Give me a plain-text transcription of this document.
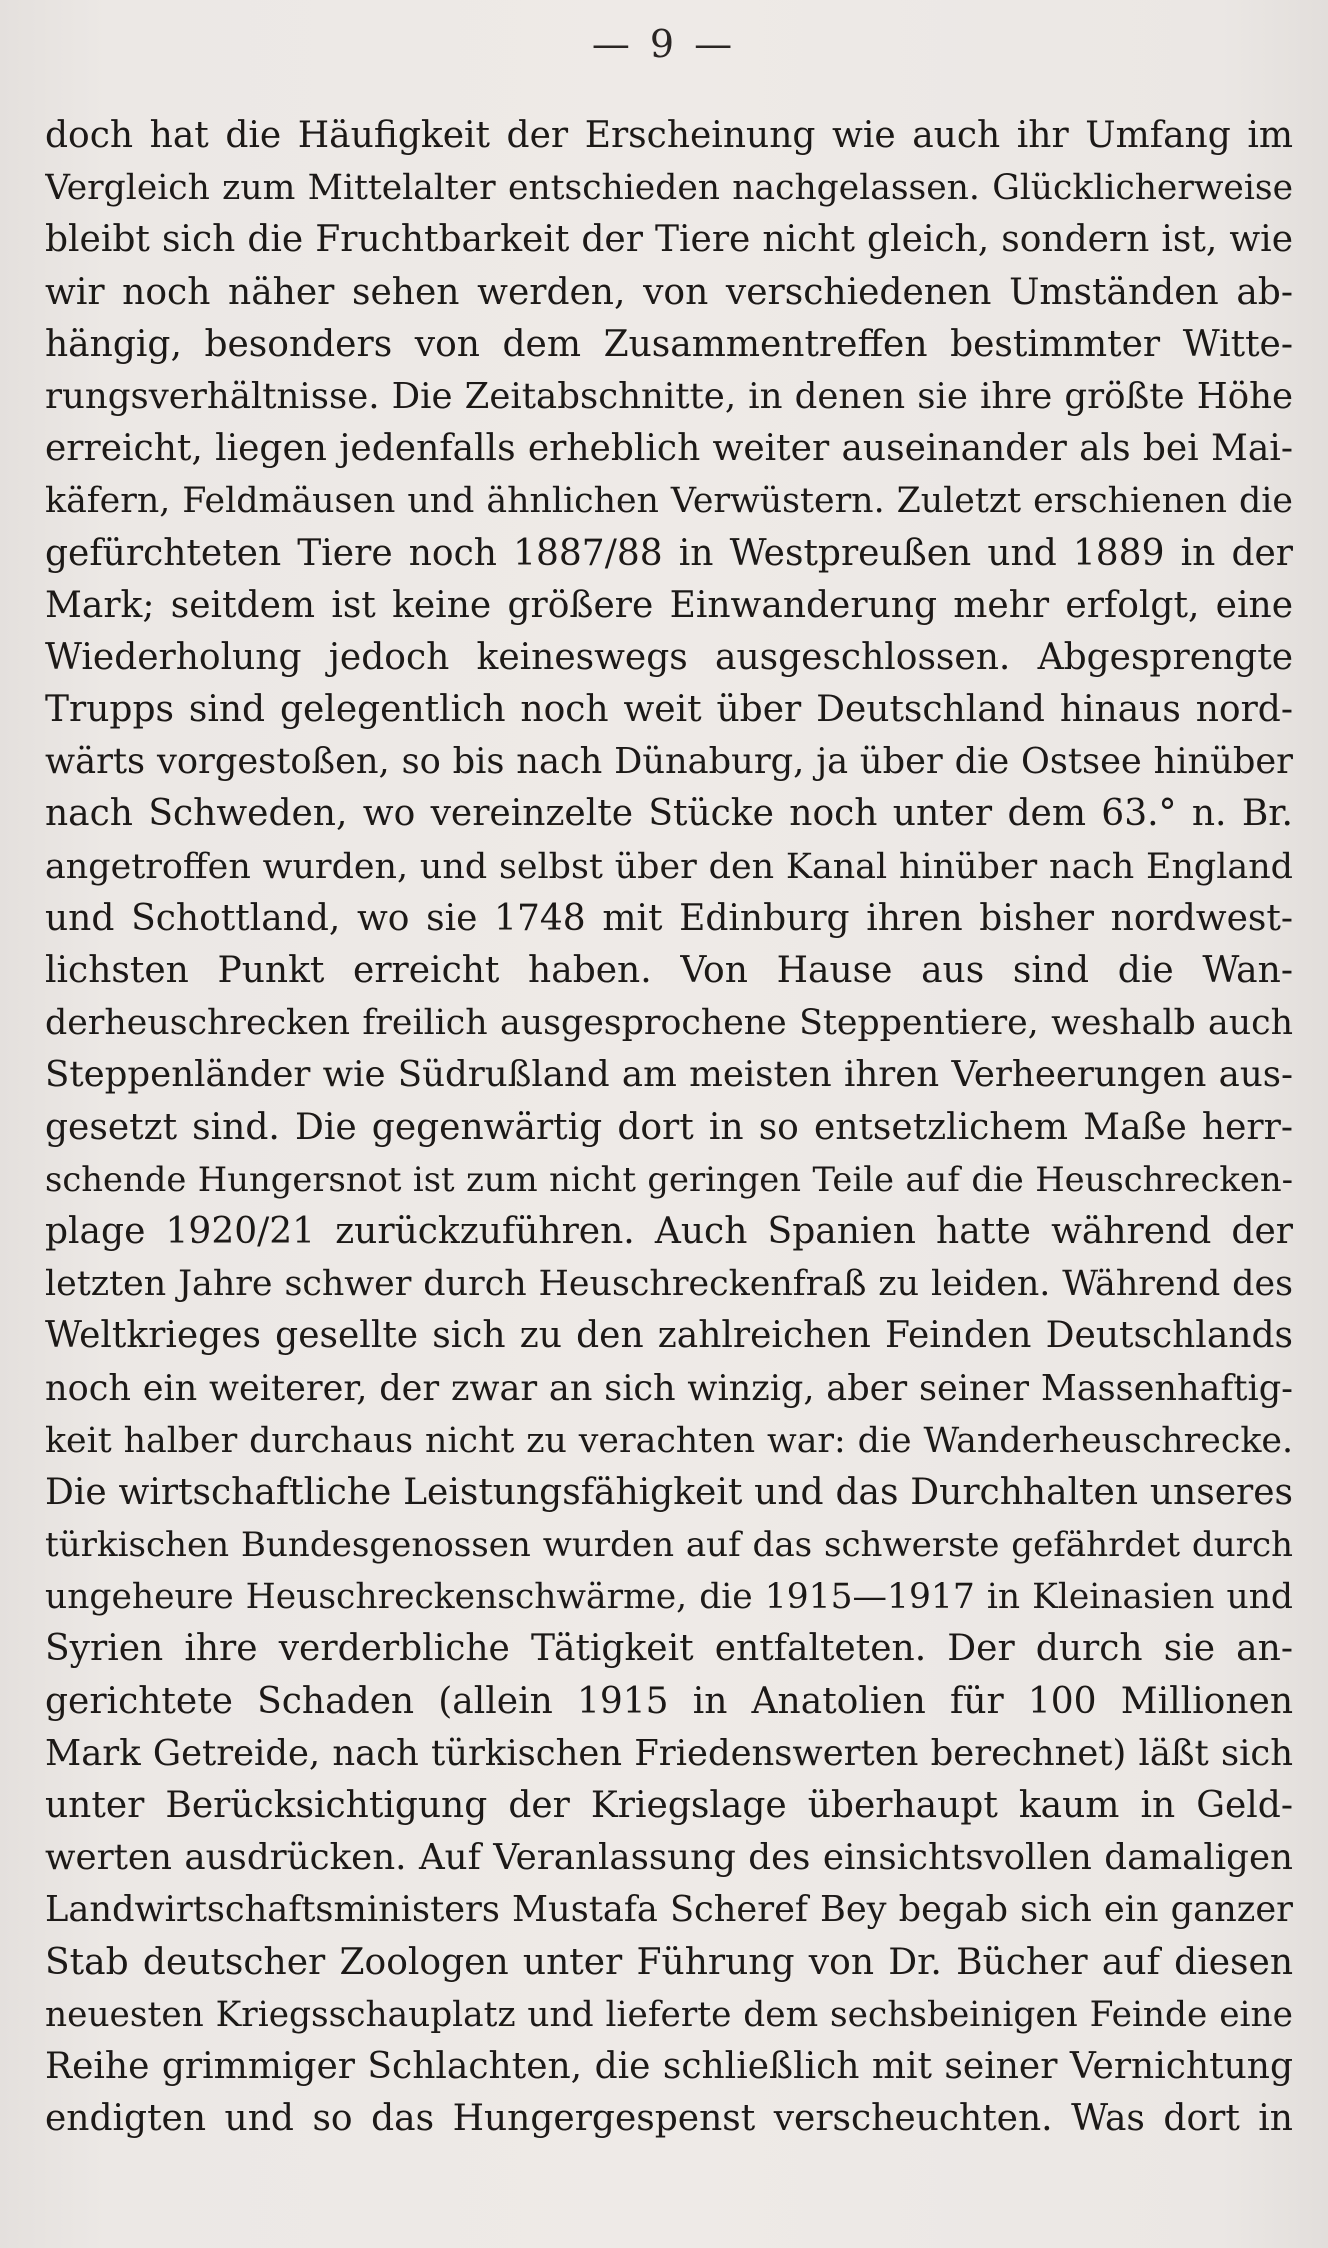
— 9 —
doch hat die Häufigkeit der Erscheinung wie auch ihr Umfang im
Vergleich zum Mittelalter entschieden nachgelassen. Glücklicherweise
bleibt sich die Fruchtbarkeit der Tiere nicht gleich, sondern ist, wie
wir noch näher sehen werden, von verschiedenen Umständen ab-
hängig, besonders von dem Zusammentreffen bestimmter Witte-
rungsverhältnisse. Die Zeitabschnitte, in denen sie ihre größte Höhe
erreicht, liegen jedenfalls erheblich weiter auseinander als bei Mai-
käfern, Feldmäusen und ähnlichen Verwüstern. Zuletzt erschienen die
gefürchteten Tiere noch 1887/88 in Westpreußen und 1889 in der
Mark; seitdem ist keine größere Einwanderung mehr erfolgt, eine
Wiederholung jedoch keineswegs ausgeschlossen. Abgesprengte
Trupps sind gelegentlich noch weit über Deutschland hinaus nord-
wärts vorgestoßen, so bis nach Dünaburg, ja über die Ostsee hinüber
nach Schweden, wo vereinzelte Stücke noch unter dem 63.° n. Br.
angetroffen wurden, und selbst über den Kanal hinüber nach England
und Schottland, wo sie 1748 mit Edinburg ihren bisher nordwest-
lichsten Punkt erreicht haben. Von Hause aus sind die Wan-
derheuschrecken freilich ausgesprochene Steppentiere, weshalb auch
Steppenländer wie Südrußland am meisten ihren Verheerungen aus-
gesetzt sind. Die gegenwärtig dort in so entsetzlichem Maße herr-
schende Hungersnot ist zum nicht geringen Teile auf die Heuschrecken-
plage 1920/21 zurückzuführen. Auch Spanien hatte während der
letzten Jahre schwer durch Heuschreckenfraß zu leiden. Während des
Weltkrieges gesellte sich zu den zahlreichen Feinden Deutschlands
noch ein weiterer, der zwar an sich winzig, aber seiner Massenhaftig-
keit halber durchaus nicht zu verachten war: die Wanderheuschrecke.
Die wirtschaftliche Leistungsfähigkeit und das Durchhalten unseres
türkischen Bundesgenossen wurden auf das schwerste gefährdet durch
ungeheure Heuschreckenschwärme, die 1915—1917 in Kleinasien und
Syrien ihre verderbliche Tätigkeit entfalteten. Der durch sie an-
gerichtete Schaden (allein 1915 in Anatolien für 100 Millionen
Mark Getreide, nach türkischen Friedenswerten berechnet) läßt sich
unter Berücksichtigung der Kriegslage überhaupt kaum in Geld-
werten ausdrücken. Auf Veranlassung des einsichtsvollen damaligen
Landwirtschaftsministers Mustafa Scheref Bey begab sich ein ganzer
Stab deutscher Zoologen unter Führung von Dr. Bücher auf diesen
neuesten Kriegsschauplatz und lieferte dem sechsbeinigen Feinde eine
Reihe grimmiger Schlachten, die schließlich mit seiner Vernichtung
endigten und so das Hungergespenst verscheuchten. Was dort in
